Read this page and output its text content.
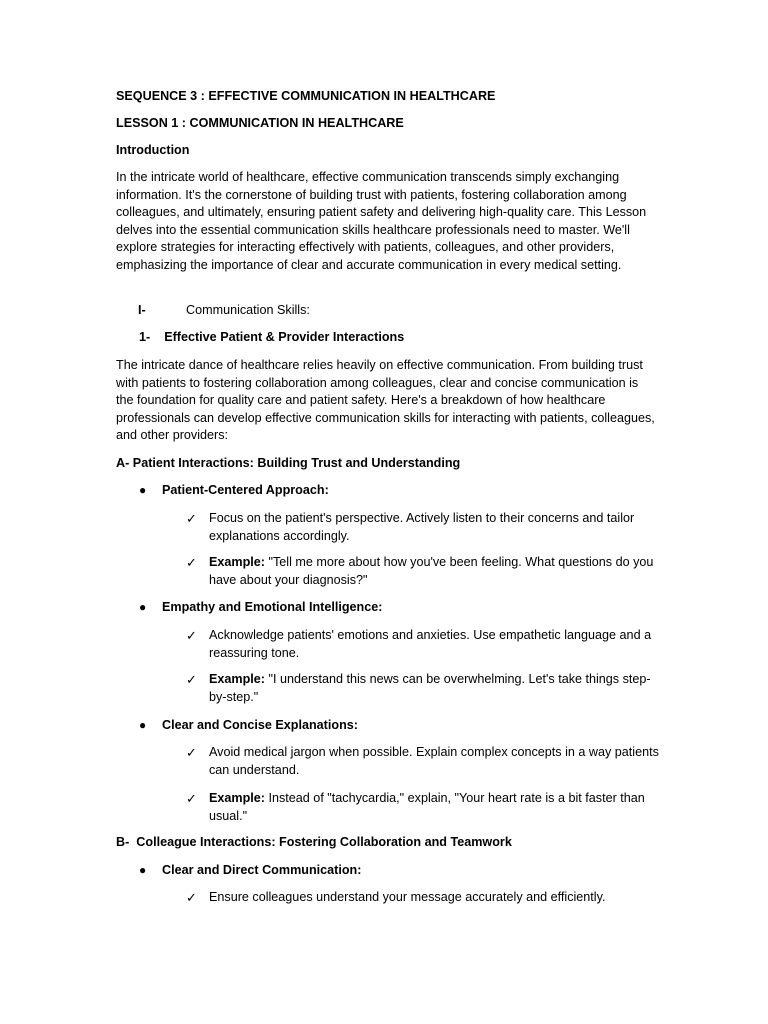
SEQUENCE 3 : EFFECTIVE COMMUNICATION IN HEALTHCARE

LESSON 1 : COMMUNICATION IN HEALTHCARE

Introduction

In the intricate world of healthcare, effective communication transcends simply exchanging information. It's the cornerstone of building trust with patients, fostering collaboration among colleagues, and ultimately, ensuring patient safety and delivering high-quality care. This Lesson delves into the essential communication skills healthcare professionals need to master. We'll explore strategies for interacting effectively with patients, colleagues, and other providers, emphasizing the importance of clear and accurate communication in every medical setting.

I-	Communication Skills:
1-    Effective Patient & Provider Interactions

The intricate dance of healthcare relies heavily on effective communication. From building trust with patients to fostering collaboration among colleagues, clear and concise communication is the foundation for quality care and patient safety. Here's a breakdown of how healthcare professionals can develop effective communication skills for interacting with patients, colleagues, and other providers:

A- Patient Interactions: Building Trust and Understanding

● Patient-Centered Approach:
✓ Focus on the patient's perspective. Actively listen to their concerns and tailor explanations accordingly.
✓ Example: "Tell me more about how you've been feeling. What questions do you have about your diagnosis?"
● Empathy and Emotional Intelligence:
✓ Acknowledge patients' emotions and anxieties. Use empathetic language and a reassuring tone.
✓ Example: "I understand this news can be overwhelming. Let's take things step-by-step."
● Clear and Concise Explanations:
✓ Avoid medical jargon when possible. Explain complex concepts in a way patients can understand.
✓ Example: Instead of "tachycardia," explain, "Your heart rate is a bit faster than usual."

B-  Colleague Interactions: Fostering Collaboration and Teamwork

● Clear and Direct Communication:
✓ Ensure colleagues understand your message accurately and efficiently.
